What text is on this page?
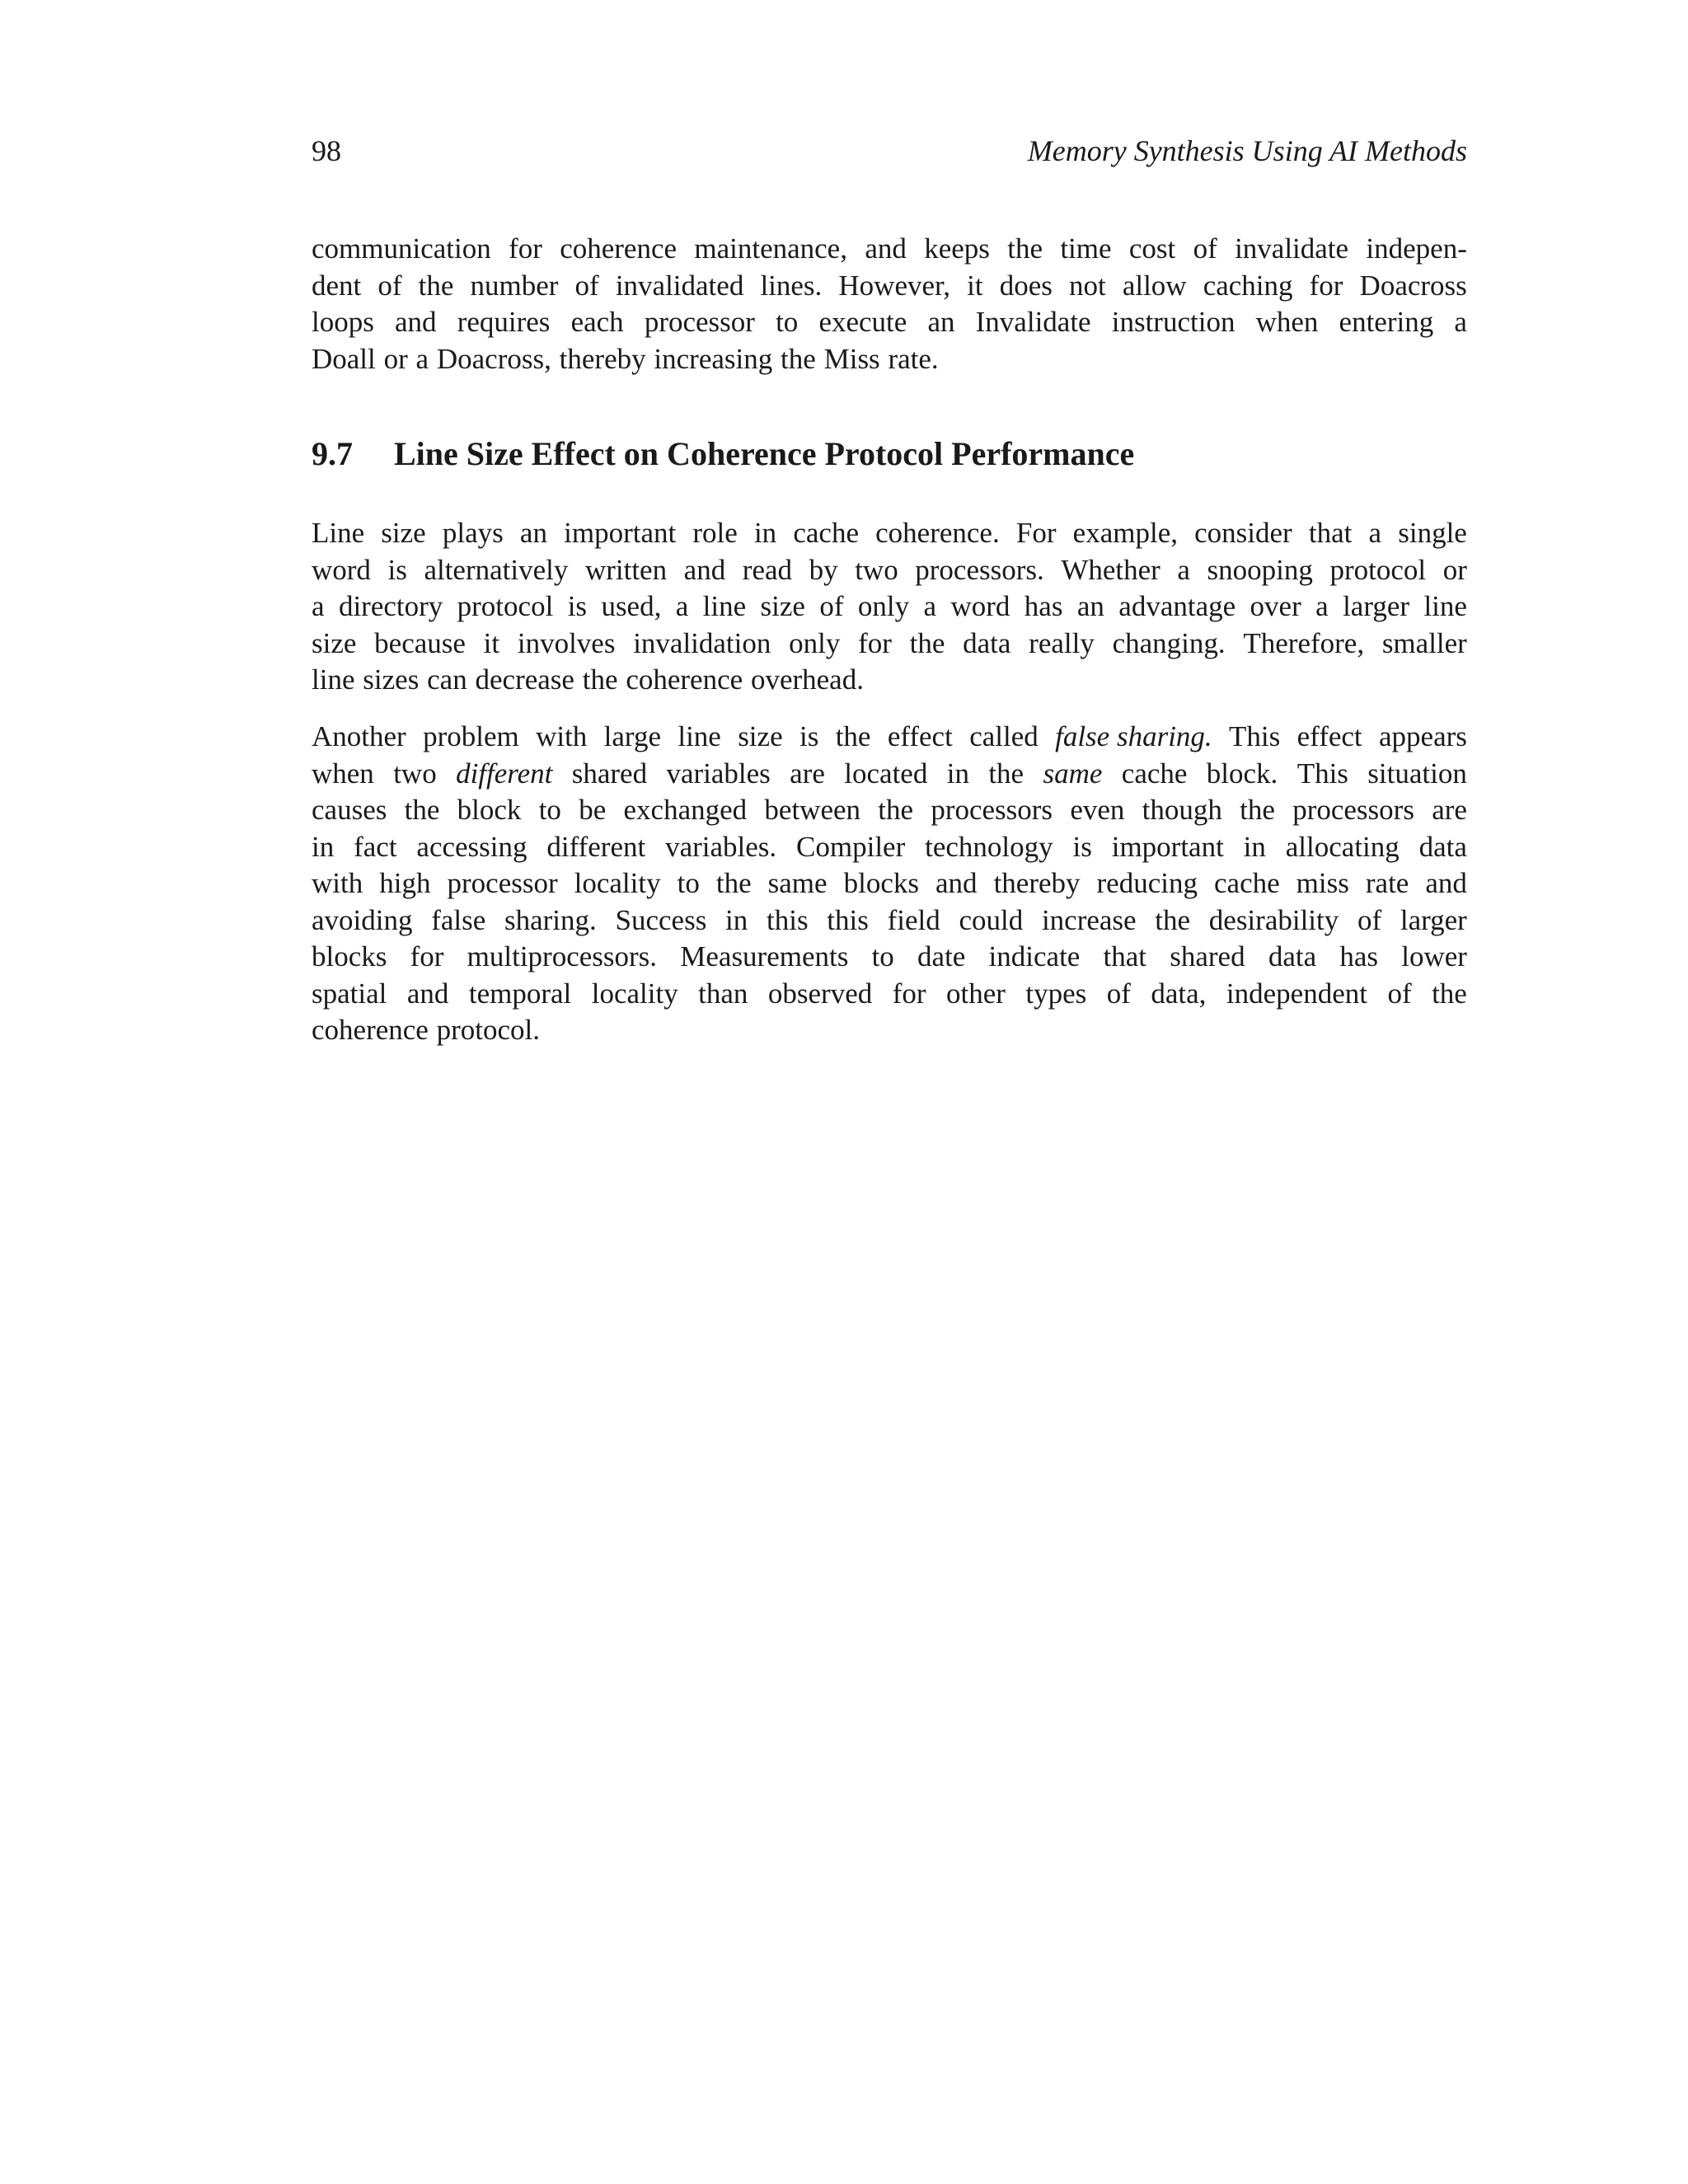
98	Memory Synthesis Using AI Methods
communication for coherence maintenance, and keeps the time cost of invalidate indepen-
dent of the number of invalidated lines. However, it does not allow caching for Doacross
loops and requires each processor to execute an Invalidate instruction when entering a
Doall or a Doacross, thereby increasing the Miss rate.
9.7 Line Size Effect on Coherence Protocol Performance
Line size plays an important role in cache coherence. For example, consider that a single
word is alternatively written and read by two processors. Whether a snooping protocol or
a directory protocol is used, a line size of only a word has an advantage over a larger line
size because it involves invalidation only for the data really changing. Therefore, smaller
line sizes can decrease the coherence overhead.
Another problem with large line size is the effect called false sharing. This effect appears
when two different shared variables are located in the same cache block. This situation
causes the block to be exchanged between the processors even though the processors are
in fact accessing different variables. Compiler technology is important in allocating data
with high processor locality to the same blocks and thereby reducing cache miss rate and
avoiding false sharing. Success in this this field could increase the desirability of larger
blocks for multiprocessors. Measurements to date indicate that shared data has lower
spatial and temporal locality than observed for other types of data, independent of the
coherence protocol.
